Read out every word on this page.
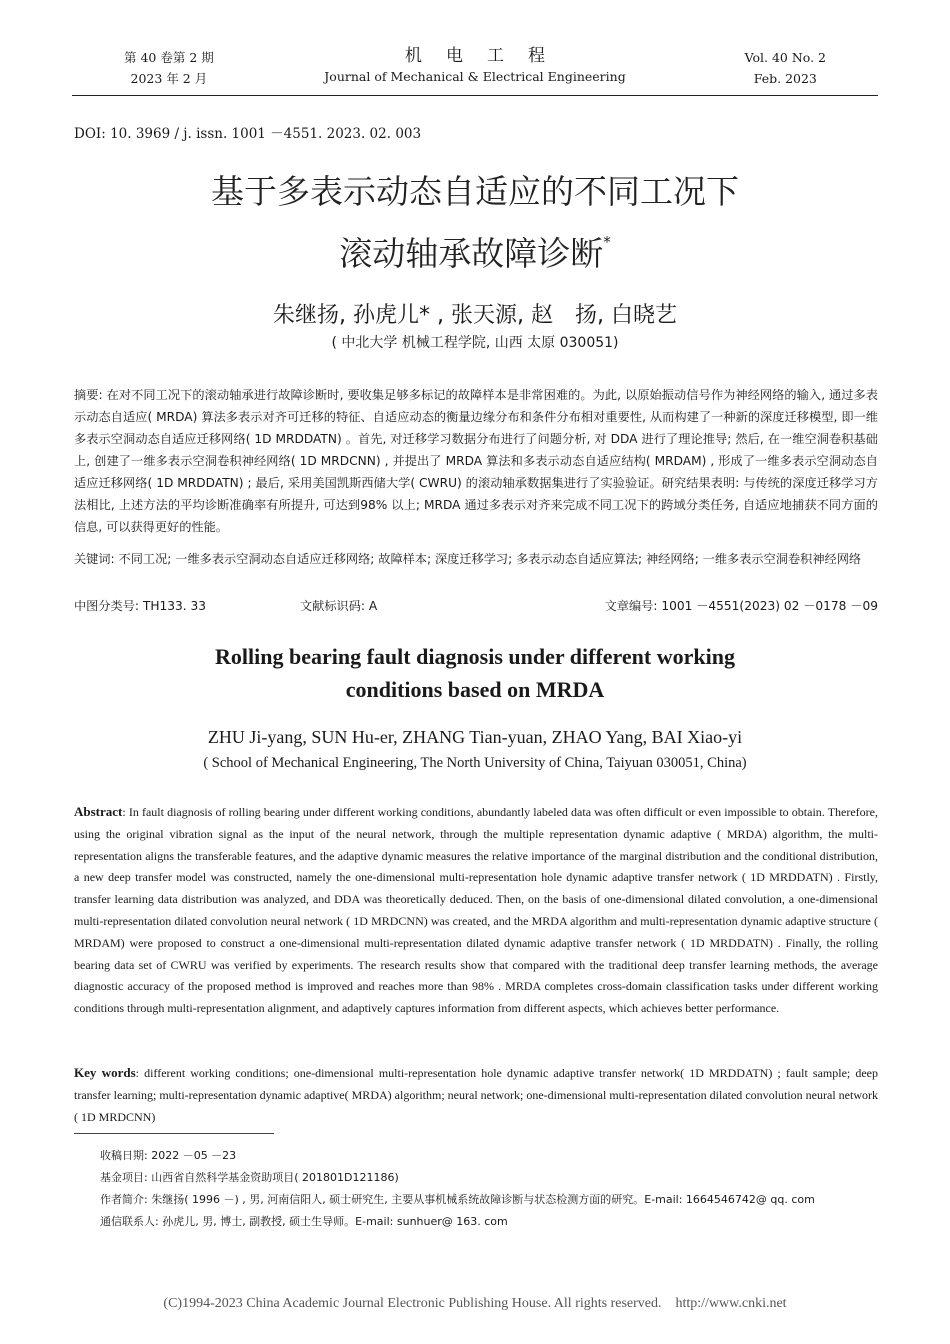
第 40 卷第 2 期
2023 年 2 月
机电工程
Journal of Mechanical & Electrical Engineering
Vol. 40 No. 2
Feb. 2023
DOI: 10. 3969 / j. issn. 1001 －4551. 2023. 02. 003
基于多表示动态自适应的不同工况下
滚动轴承故障诊断*
朱继扬, 孙虎儿* , 张天源, 赵　扬, 白晓艺
( 中北大学 机械工程学院, 山西 太原 030051)
摘要: 在对不同工况下的滚动轴承进行故障诊断时, 要收集足够多标记的故障样本是非常困难的。为此, 以原始振动信号作为神经网络的输入, 通过多表示动态自适应( MRDA) 算法多表示对齐可迁移的特征、自适应动态的衡量边缘分布和条件分布相对重要性, 从而构建了一种新的深度迁移模型, 即一维多表示空洞动态自适应迁移网络( 1D MRDDATN) 。首先, 对迁移学习数据分布进行了问题分析, 对 DDA 进行了理论推导; 然后, 在一维空洞卷积基础上, 创建了一维多表示空洞卷积神经网络( 1D MRDCNN) , 并提出了 MRDA 算法和多表示动态自适应结构( MRDAM) , 形成了一维多表示空洞动态自适应迁移网络( 1D MRDDATN) ; 最后, 采用美国凯斯西储大学( CWRU) 的滚动轴承数据集进行了实验验证。研究结果表明: 与传统的深度迁移学习方法相比, 上述方法的平均诊断准确率有所提升, 可达到98% 以上; MRDA 通过多表示对齐来完成不同工况下的跨域分类任务, 自适应地捕获不同方面的信息, 可以获得更好的性能。
关键词: 不同工况; 一维多表示空洞动态自适应迁移网络; 故障样本; 深度迁移学习; 多表示动态自适应算法; 神经网络; 一维多表示空洞卷积神经网络
中图分类号: TH133. 33	文献标识码: A	文章编号: 1001 －4551(2023) 02 －0178 －09
Rolling bearing fault diagnosis under different working
conditions based on MRDA
ZHU Ji-yang, SUN Hu-er, ZHANG Tian-yuan, ZHAO Yang, BAI Xiao-yi
( School of Mechanical Engineering, The North University of China, Taiyuan 030051, China)
Abstract: In fault diagnosis of rolling bearing under different working conditions, abundantly labeled data was often difficult or even impossible to obtain. Therefore, using the original vibration signal as the input of the neural network, through the multiple representation dynamic adaptive ( MRDA) algorithm, the multi-representation aligns the transferable features, and the adaptive dynamic measures the relative importance of the marginal distribution and the conditional distribution, a new deep transfer model was constructed, namely the one-dimensional multi-representation hole dynamic adaptive transfer network ( 1D MRDDATN) . Firstly, transfer learning data distribution was analyzed, and DDA was theoretically deduced. Then, on the basis of one-dimensional dilated convolution, a one-dimensional multi-representation dilated convolution neural network ( 1D MRDCNN) was created, and the MRDA algorithm and multi-representation dynamic adaptive structure ( MRDAM) were proposed to construct a one-dimensional multi-representation dilated dynamic adaptive transfer network ( 1D MRDDATN) . Finally, the rolling bearing data set of CWRU was verified by experiments. The research results show that compared with the traditional deep transfer learning methods, the average diagnostic accuracy of the proposed method is improved and reaches more than 98% . MRDA completes cross-domain classification tasks under different working conditions through multi-representation alignment, and adaptively captures information from different aspects, which achieves better performance.
Key words: different working conditions; one-dimensional multi-representation hole dynamic adaptive transfer network( 1D MRDDATN) ; fault sample; deep transfer learning; multi-representation dynamic adaptive( MRDA) algorithm; neural network; one-dimensional multi-representation dilated convolution neural network ( 1D MRDCNN)
收稿日期: 2022 －05 －23
基金项目: 山西省自然科学基金资助项目( 201801D121186)
作者简介: 朱继扬( 1996 －) , 男, 河南信阳人, 硕士研究生, 主要从事机械系统故障诊断与状态检测方面的研究。E-mail: 1664546742@ qq. com
通信联系人: 孙虎儿, 男, 博士, 副教授, 硕士生导师。E-mail: sunhuer@ 163. com
(C)1994-2023 China Academic Journal Electronic Publishing House. All rights reserved.    http://www.cnki.net
